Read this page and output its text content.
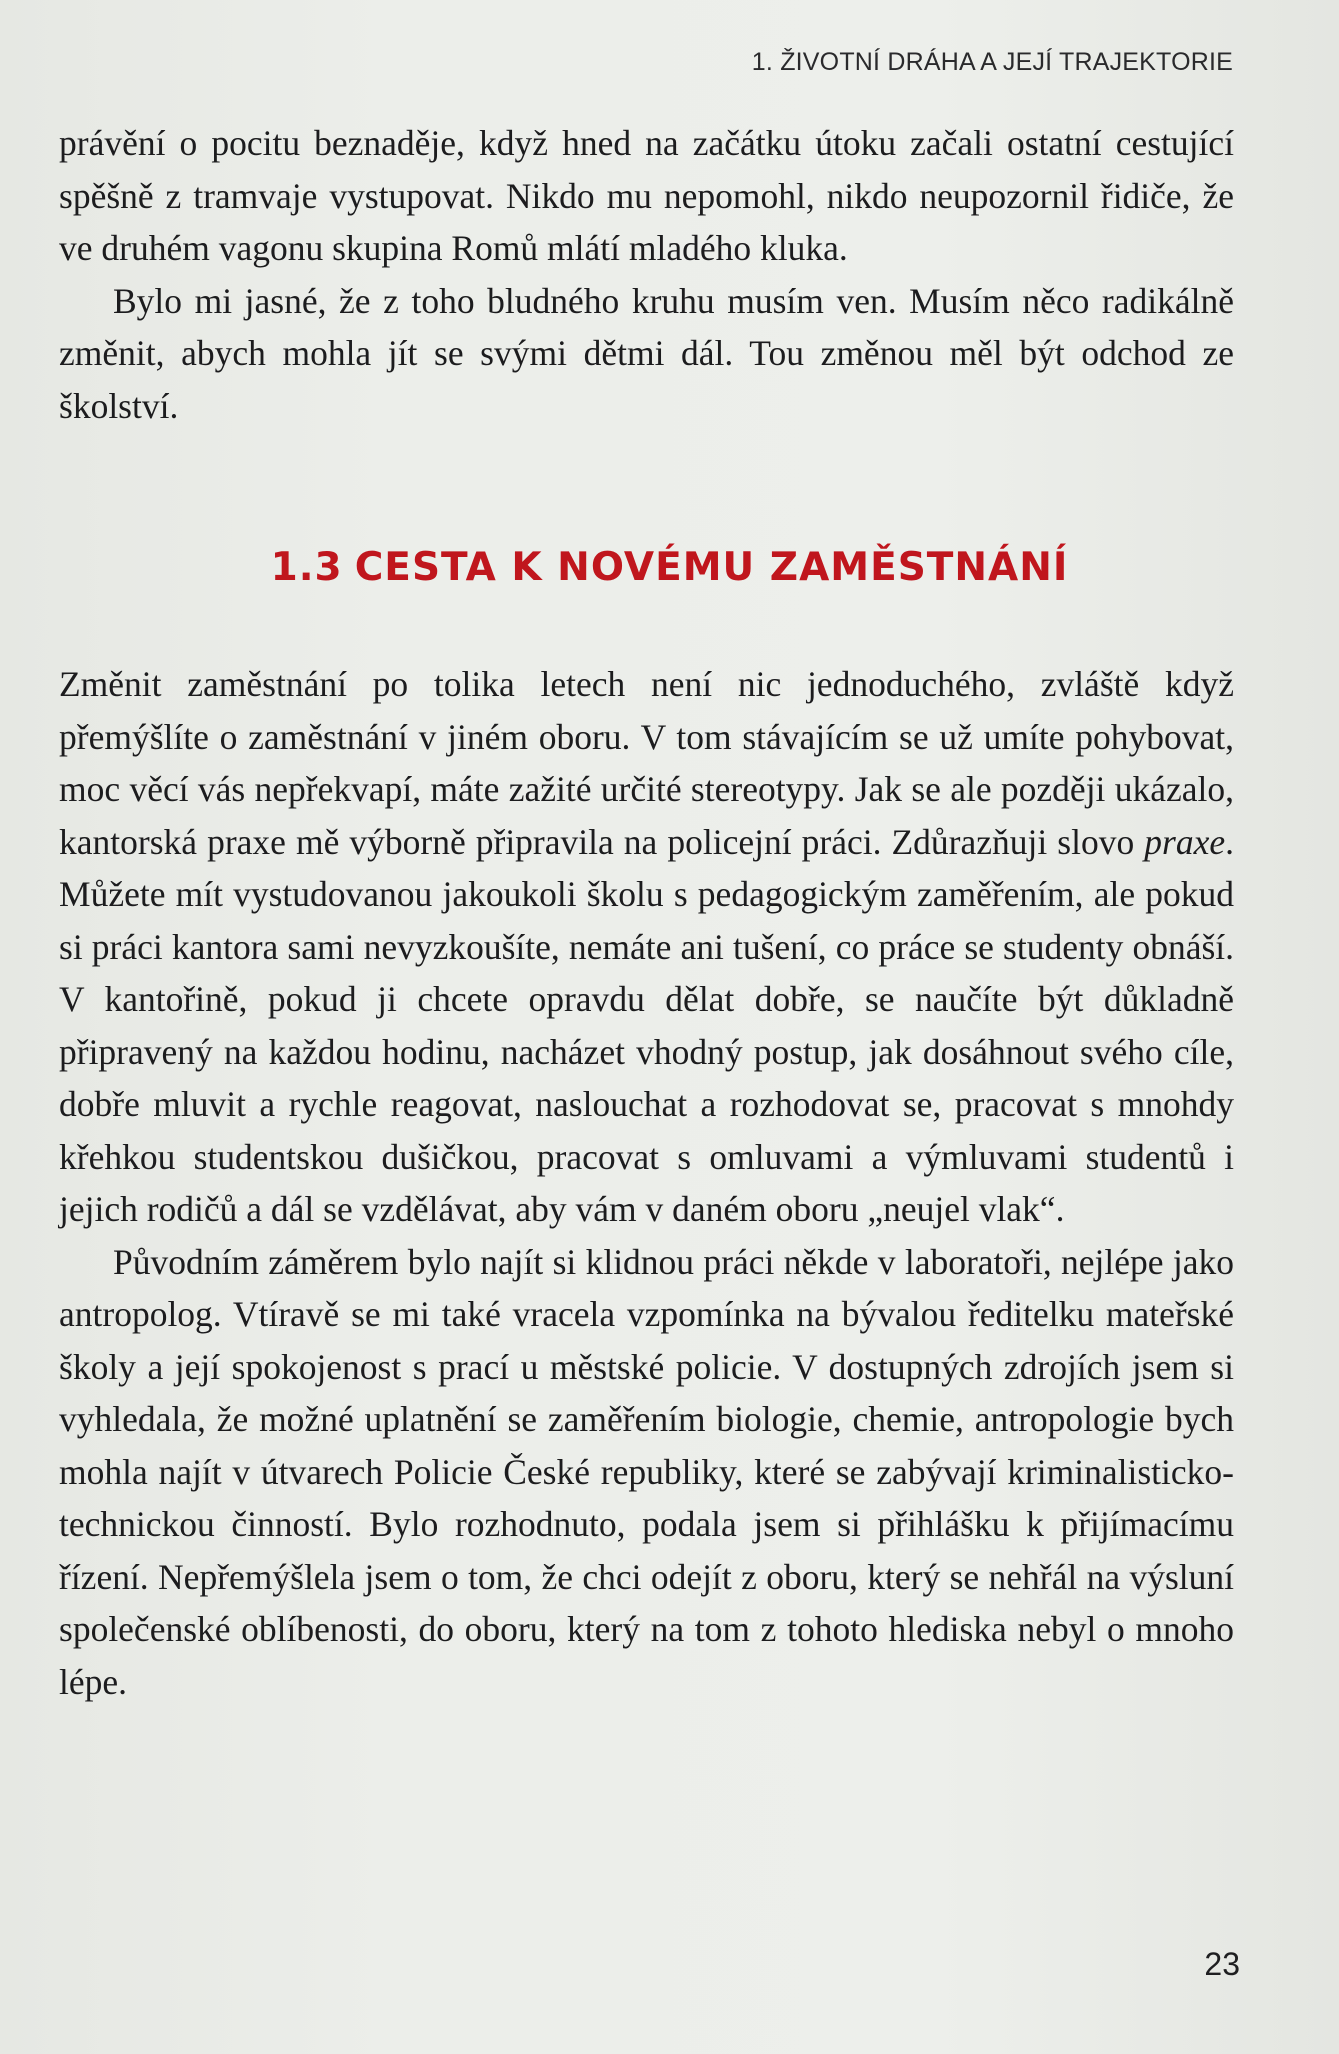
1. ŽIVOTNÍ DRÁHA A JEJÍ TRAJEKTORIE

právění o pocitu beznaděje, když hned na začátku útoku začali ostatní cestující spěšně z tramvaje vystupovat. Nikdo mu nepomohl, nikdo neupozornil řidiče, že ve druhém vagonu skupina Romů mlátí mladého kluka.

Bylo mi jasné, že z toho bludného kruhu musím ven. Musím něco radikálně změnit, abych mohla jít se svými dětmi dál. Tou změnou měl být odchod ze školství.

1.3 CESTA K NOVÉMU ZAMĚSTNÁNÍ

Změnit zaměstnání po tolika letech není nic jednoduchého, zvláště když přemýšlíte o zaměstnání v jiném oboru. V tom stávajícím se už umíte pohybovat, moc věcí vás nepřekvapí, máte zažité určité stereotypy. Jak se ale později ukázalo, kantorská praxe mě výborně připravila na policejní práci. Zdůrazňuji slovo praxe. Můžete mít vystudovanou jakoukoli školu s pedagogickým zaměřením, ale pokud si práci kantora sami nevyzkoušíte, nemáte ani tušení, co práce se studenty obnáší. V kantořině, pokud ji chcete opravdu dělat dobře, se naučíte být důkladně připravený na každou hodinu, nacházet vhodný postup, jak dosáhnout svého cíle, dobře mluvit a rychle reagovat, naslouchat a rozhodovat se, pracovat s mnohdy křehkou studentskou dušičkou, pracovat s omluvami a výmluvami studentů i jejich rodičů a dál se vzdělávat, aby vám v daném oboru „neujel vlak“.

Původním záměrem bylo najít si klidnou práci někde v laboratoři, nejlépe jako antropolog. Vtíravě se mi také vracela vzpomínka na bývalou ředitelku mateřské školy a její spokojenost s prací u městské policie. V dostupných zdrojích jsem si vyhledala, že možné uplatnění se zaměřením biologie, chemie, antropologie bych mohla najít v útvarech Policie České republiky, které se zabývají kriminalisticko-technickou činností. Bylo rozhodnuto, podala jsem si přihlášku k přijímacímu řízení. Nepřemýšlela jsem o tom, že chci odejít z oboru, který se nehřál na výsluní společenské oblíbenosti, do oboru, který na tom z tohoto hlediska nebyl o mnoho lépe.

23
